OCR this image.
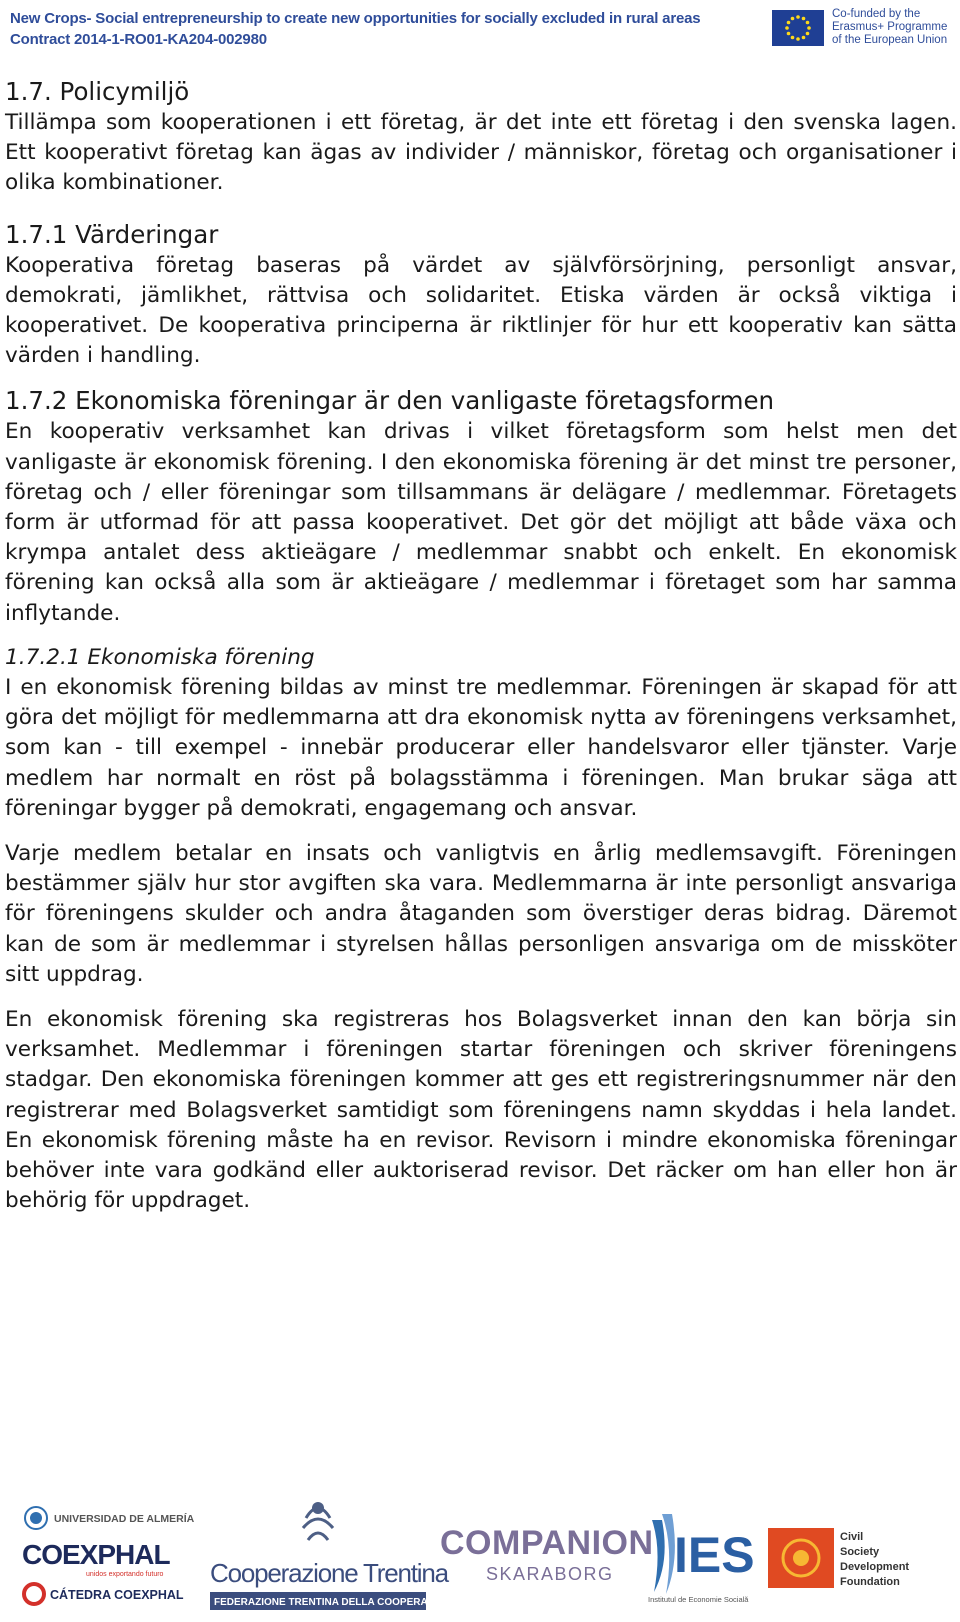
New Crops- Social entrepreneurship to create new opportunities for socially excluded in rural areas
Contract 2014-1-RO01-KA204-002980
Co-funded by the
Erasmus+ Programme
of the European Union
1.7. Policymiljö

Tillämpa som kooperationen i ett företag, är det inte ett företag i den svenska lagen. Ett kooperativt företag kan ägas av individer / människor, företag och organisationer i olika kombinationer.

1.7.1 Värderingar

Kooperativa företag baseras på värdet av självförsörjning, personligt ansvar, demokrati, jämlikhet, rättvisa och solidaritet. Etiska värden är också viktiga i kooperativet. De kooperativa principerna är riktlinjer för hur ett kooperativ kan sätta värden i handling.

1.7.2 Ekonomiska föreningar är den vanligaste företagsformen

En kooperativ verksamhet kan drivas i vilket företagsform som helst men det vanligaste är ekonomisk förening. I den ekonomiska förening är det minst tre personer, företag och / eller föreningar som tillsammans är delägare / medlemmar. Företagets form är utformad för att passa kooperativet. Det gör det möjligt att både växa och krympa antalet dess aktieägare / medlemmar snabbt och enkelt. En ekonomisk förening kan också alla som är aktieägare / medlemmar i företaget som har samma inflytande.

1.7.2.1 Ekonomiska förening

I en ekonomisk förening bildas av minst tre medlemmar. Föreningen är skapad för att göra det möjligt för medlemmarna att dra ekonomisk nytta av föreningens verksamhet, som kan - till exempel - innebär producerar eller handelsvaror eller tjänster. Varje medlem har normalt en röst på bolagsstämma i föreningen. Man brukar säga att föreningar bygger på demokrati, engagemang och ansvar.

Varje medlem betalar en insats och vanligtvis en årlig medlemsavgift. Föreningen bestämmer själv hur stor avgiften ska vara. Medlemmarna är inte personligt ansvariga för föreningens skulder och andra åtaganden som överstiger deras bidrag. Däremot kan de som är medlemmar i styrelsen hållas personligen ansvariga om de missköter sitt uppdrag.

En ekonomisk förening ska registreras hos Bolagsverket innan den kan börja sin verksamhet. Medlemmar i föreningen startar föreningen och skriver föreningens stadgar. Den ekonomiska föreningen kommer att ges ett registreringsnummer när den registrerar med Bolagsverket samtidigt som föreningens namn skyddas i hela landet. En ekonomisk förening måste ha en revisor. Revisorn i mindre ekonomiska föreningar behöver inte vara godkänd eller auktoriserad revisor. Det räcker om han eller hon är behörig för uppdraget.

UNIVERSIDAD DE ALMERÍA
COEXPHAL
unidos exportando futuro
CÁTEDRA COEXPHAL
Cooperazione Trentina
FEDERAZIONE TRENTINA DELLA COOPERAZIONE
COMPANION
SKARABORG IES
Institutul de Economie Socială
Civil
Society
Development
Foundation
